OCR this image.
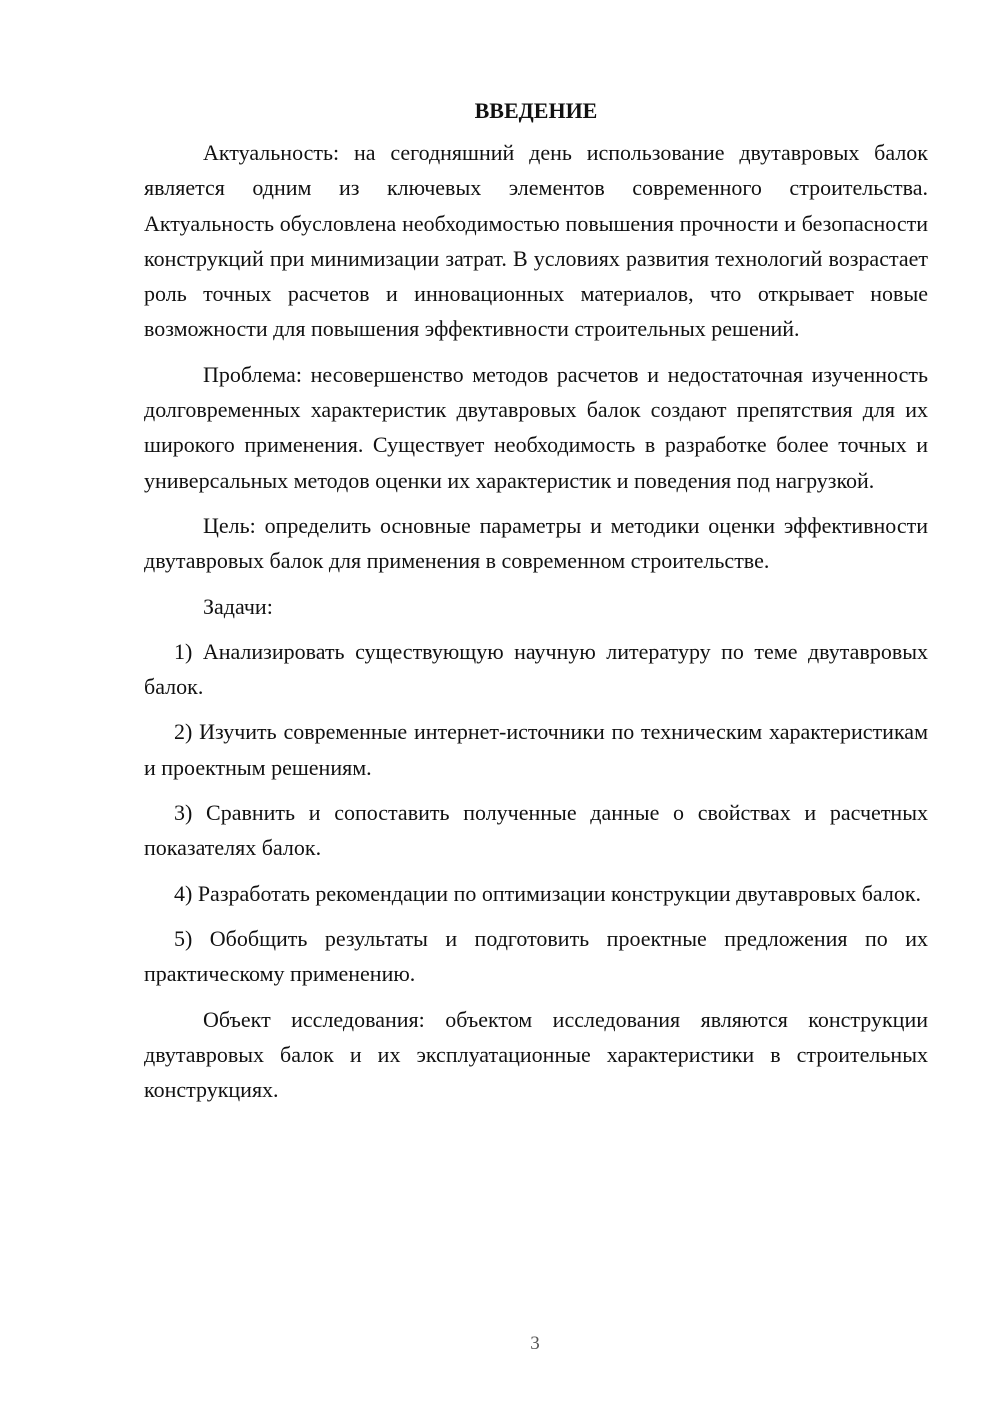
ВВЕДЕНИЕ

Актуальность: на сегодняшний день использование двутавровых балок является одним из ключевых элементов современного строительства. Актуальность обусловлена необходимостью повышения прочности и безопасности конструкций при минимизации затрат. В условиях развития технологий возрастает роль точных расчетов и инновационных материалов, что открывает новые возможности для повышения эффективности строительных решений.

Проблема: несовершенство методов расчетов и недостаточная изученность долговременных характеристик двутавровых балок создают препятствия для их широкого применения. Существует необходимость в разработке более точных и универсальных методов оценки их характеристик и поведения под нагрузкой.

Цель: определить основные параметры и методики оценки эффективности двутавровых балок для применения в современном строительстве.

Задачи:

1) Анализировать существующую научную литературу по теме двутавровых балок.

2) Изучить современные интернет-источники по техническим характеристикам и проектным решениям.

3) Сравнить и сопоставить полученные данные о свойствах и расчетных показателях балок.

4) Разработать рекомендации по оптимизации конструкции двутавровых балок.

5) Обобщить результаты и подготовить проектные предложения по их практическому применению.

Объект исследования: объектом исследования являются конструкции двутавровых балок и их эксплуатационные характеристики в строительных конструкциях.

3
